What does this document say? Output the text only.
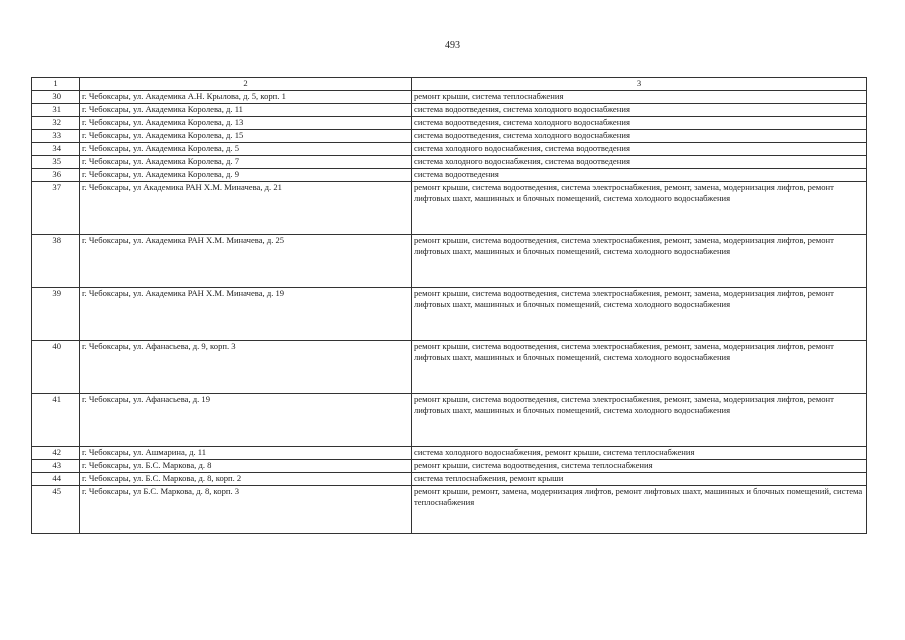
493
1	2	3
30	г. Чебоксары, ул. Академика А.Н. Крылова, д. 5, корп. 1	ремонт крыши, система теплоснабжения
31	г. Чебоксары, ул. Академика Королева, д. 11	система водоотведения, система холодного водоснабжения
32	г. Чебоксары, ул. Академика Королева, д. 13	система водоотведения, система холодного водоснабжения
33	г. Чебоксары, ул. Академика Королева, д. 15	система водоотведения, система холодного водоснабжения
34	г. Чебоксары, ул. Академика Королева, д. 5	система холодного водоснабжения, система водоотведения
35	г. Чебоксары, ул. Академика Королева, д. 7	система холодного водоснабжения, система водоотведения
36	г. Чебоксары, ул. Академика Королева, д. 9	система водоотведения
37	г. Чебоксары, ул Академика РАН Х.М. Миначева, д. 21	ремонт крыши, система водоотведения, система электроснабжения, ремонт, замена, модернизация лифтов, ремонт лифтовых шахт, машинных и блочных помещений, система холодного водоснабжения
38	г. Чебоксары, ул. Академика РАН Х.М. Миначева, д. 25	ремонт крыши, система водоотведения, система электроснабжения, ремонт, замена, модернизация лифтов, ремонт лифтовых шахт, машинных и блочных помещений, система холодного водоснабжения
39	г. Чебоксары, ул. Академика РАН Х.М. Миначева, д. 19	ремонт крыши, система водоотведения, система электроснабжения, ремонт, замена, модернизация лифтов, ремонт лифтовых шахт, машинных и блочных помещений, система холодного водоснабжения
40	г. Чебоксары, ул. Афанасьева, д. 9, корп. 3	ремонт крыши, система водоотведения, система электроснабжения, ремонт, замена, модернизация лифтов, ремонт лифтовых шахт, машинных и блочных помещений, система холодного водоснабжения
41	г. Чебоксары, ул. Афанасьева, д. 19	ремонт крыши, система водоотведения, система электроснабжения, ремонт, замена, модернизация лифтов, ремонт лифтовых шахт, машинных и блочных помещений, система холодного водоснабжения
42	г. Чебоксары, ул. Ашмарина, д. 11	система холодного водоснабжения, ремонт крыши, система теплоснабжения
43	г. Чебоксары, ул. Б.С. Маркова, д. 8	ремонт крыши, система водоотведения, система теплоснабжения
44	г. Чебоксары, ул. Б.С. Маркова, д. 8, корп. 2	система теплоснабжения, ремонт крыши
45	г. Чебоксары, ул Б.С. Маркова, д. 8, корп. 3	ремонт крыши, ремонт, замена, модернизация лифтов, ремонт лифтовых шахт, машинных и блочных помещений, система теплоснабжения
